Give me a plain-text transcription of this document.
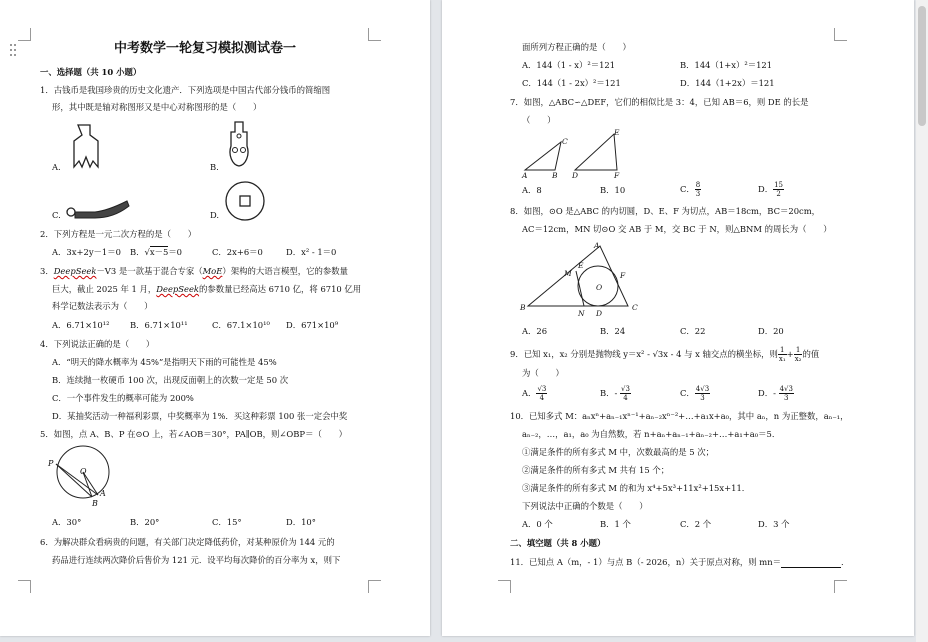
中考数学一轮复习模拟测试卷一
一、选择题（共 10 小题）
1．古钱币是我国珍贵的历史文化遗产．下列选项是中国古代部分钱币的简缩图
形，其中既是轴对称图形又是中心对称图形的是（　　）
A.	B.
C.	D.
2．下列方程是一元二次方程的是（　　）
A．3x+2y－1＝0 B．√x－5＝0	C．2x+6＝0	D．x² - 1＝0
3．DeepSeek－V3 是一款基于混合专家（MoE）架构的大语言模型，它的参数量
巨大，截止 2025 年 1 月，DeepSeek的参数量已经高达 6710 亿，将 6710 亿用
科学记数法表示为（　　）
A．6.71×10¹² B．6.71×10¹¹	C．67.1×10¹⁰ D．671×10⁹
4．下列说法正确的是（　　）
A．“明天的降水概率为 45%”是指明天下雨的可能性是 45%
B．连续抛一枚硬币 100 次，出现反面朝上的次数一定是 50 次
C．一个事件发生的概率可能为 200%
D．某抽奖活动一种福利彩票，中奖概率为 1%．买这种彩票 100 张一定会中奖
5．如图，点 A、B、P 在⊙O 上，若∠AOB＝30°，PA∥OB，则∠OBP＝（　　）
P
O
A
B
A．30°	B．20°	C．15°	D．10°
6．为解决群众看病贵的问题，有关部门决定降低药价，对某种原价为 144 元的
药品进行连续两次降价后售价为 121 元．设平均每次降价的百分率为 x，则下
面所列方程正确的是（　　）
A．144（1 - x）²＝121	B．144（1+x）²＝121
C．144（1 - 2x）²＝121	D．144（1+2x）＝121
7．如图，△ABC∽△DEF，它们的相似比是 3：4，已知 AB＝6，则 DE 的长是
（　　）
C
A	B
E
D	F
A．8	B．10	C． $\frac{8}{3}$	D． $\frac{15}{2}$
8．如图，⊙O 是△ABC 的内切圆，D、E、F 为切点，AB＝18cm，BC＝20cm，
AC＝12cm，MN 切⊙O 交 AB 于 M，交 BC 于 N，则△BNM 的周长为（　　）
A
M
E
F
O
B
N D
C
A．26	B．24	C．22	D．20
9．已知 x₁，x₂ 分别是抛物线 y＝x² - √3x - 4 与 x 轴交点的横坐标，则 $\frac{1}{\text{x₁}} + \frac{1}{\text{x₂}}$ 的值
为（　　）
A． $\frac{√3}{4}$	B．- $\frac{√3}{4}$	C． $\frac{4√3}{3}$	D．- $\frac{4√3}{3}$
10．已知多式 M：aₙxⁿ+aₙ₋₁xⁿ⁻¹+aₙ₋₂xⁿ⁻²+…+a₁x+a₀，其中 aₙ，n 为正整数，aₙ₋₁，
aₙ₋₂，…，a₁，a₀ 为自然数，若 n+aₙ+aₙ₋₁+aₙ₋₂+…+a₁+a₀＝5．
①满足条件的所有多式 M 中，次数最高的是 5 次；
②满足条件的所有多式 M 共有 15 个；
③满足条件的所有多式 M 的和为 x⁴+5x³+11x²+15x+11．
下列说法中正确的个数是（　　）
A．0 个	B．1 个	C．2 个	D．3 个
二、填空题（共 8 小题）
11．已知点 A（m，- 1）与点 B（- 2026，n）关于原点对称，则 mn＝	．
